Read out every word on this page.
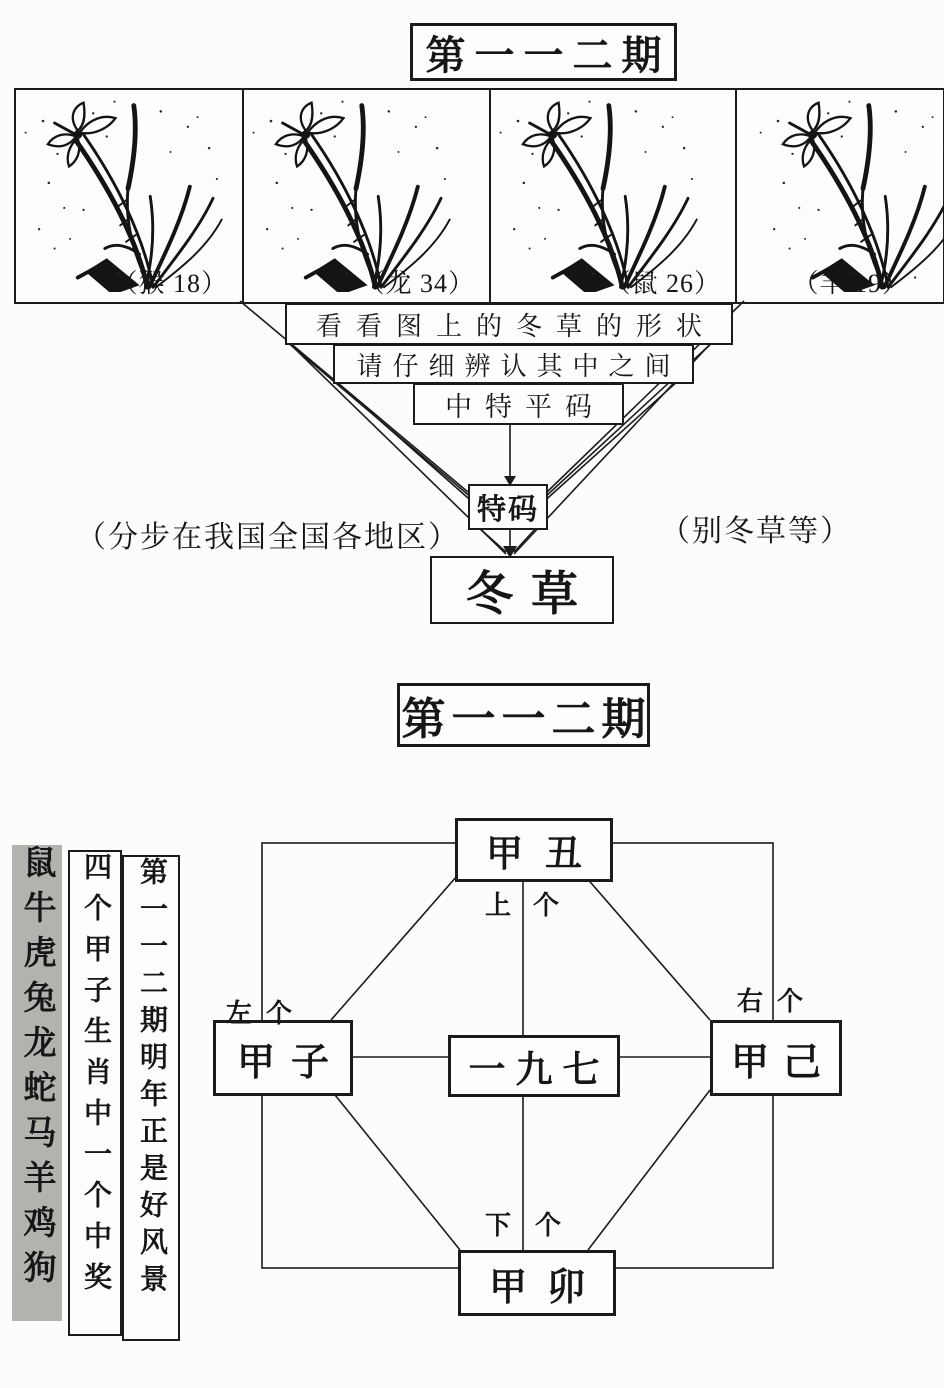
第一一二期
（猴 18）	（龙 34）	（鼠 26）	（羊 19）
看看图上的冬草的形状
请仔细辨认其中之间
中特平码
特码
冬草
（分步在我国全国各地区）	（别冬草等）
第一一二期
鼠牛虎兔龙蛇马羊鸡狗 四个甲子生肖中一个中奖 第一一二期明年正是好风景
甲丑
甲子	一九七	甲己
甲卯
上个
左个	右个
下个
